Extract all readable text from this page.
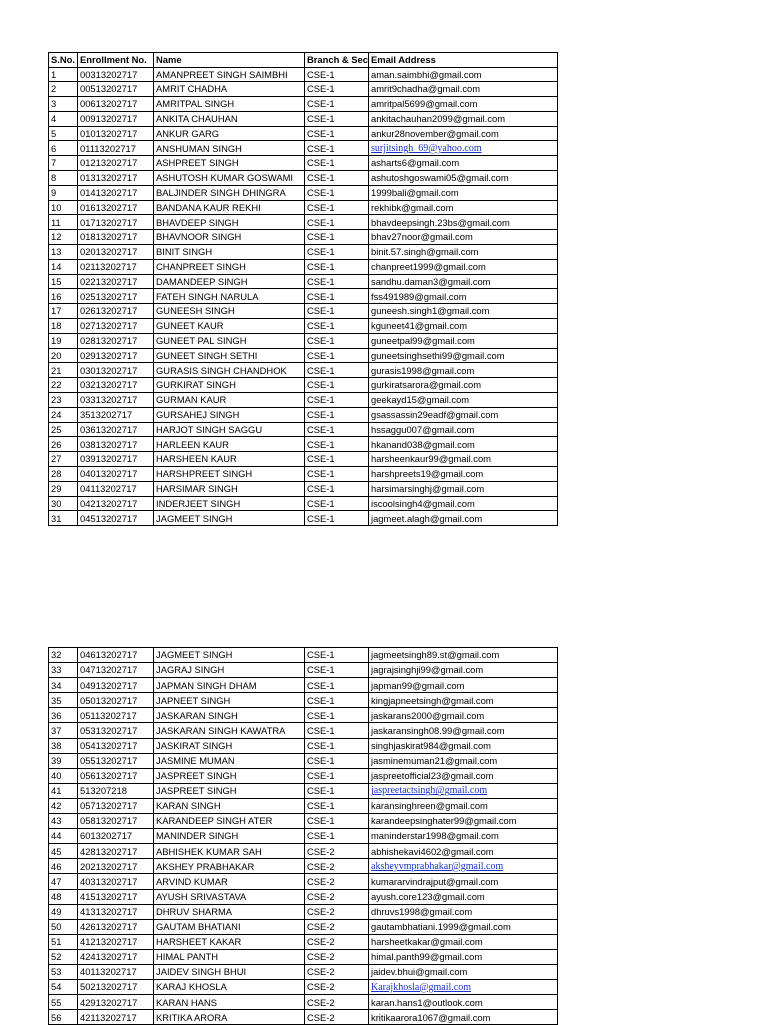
S.No.	Enrollment No.	Name	Branch & Sec	Email Address
1	00313202717	AMANPREET SINGH SAIMBHI	CSE-1	aman.saimbhi@gmail.com
2	00513202717	AMRIT CHADHA	CSE-1	amrit9chadha@gmail.com
3	00613202717	AMRITPAL SINGH	CSE-1	amritpal5699@gmail.com
4	00913202717	ANKITA CHAUHAN	CSE-1	ankitachauhan2099@gmail.com
5	01013202717	ANKUR GARG	CSE-1	ankur28november@gmail.com
6	01113202717	ANSHUMAN SINGH	CSE-1	surjitsingh_69@yahoo.com
7	01213202717	ASHPREET SINGH	CSE-1	asharts6@gmail.com
8	01313202717	ASHUTOSH KUMAR GOSWAMI	CSE-1	ashutoshgoswami05@gmail.com
9	01413202717	BALJINDER SINGH DHINGRA	CSE-1	1999bali@gmail.com
10	01613202717	BANDANA KAUR REKHI	CSE-1	rekhibk@gmail.com
11	01713202717	BHAVDEEP SINGH	CSE-1	bhavdeepsingh.23bs@gmail.com
12	01813202717	BHAVNOOR SINGH	CSE-1	bhav27noor@gmail.com
13	02013202717	BINIT SINGH	CSE-1	binit.57.singh@gmail.com
14	02113202717	CHANPREET SINGH	CSE-1	chanpreet1999@gmail.com
15	02213202717	DAMANDEEP SINGH	CSE-1	sandhu.daman3@gmail.com
16	02513202717	FATEH SINGH NARULA	CSE-1	fss491989@gmail.com
17	02613202717	GUNEESH SINGH	CSE-1	guneesh.singh1@gmail.com
18	02713202717	GUNEET KAUR	CSE-1	kguneet41@gmail.com
19	02813202717	GUNEET PAL SINGH	CSE-1	guneetpal99@gmail.com
20	02913202717	GUNEET SINGH SETHI	CSE-1	guneetsinghsethi99@gmail.com
21	03013202717	GURASIS SINGH CHANDHOK	CSE-1	gurasis1998@gmail.com
22	03213202717	GURKIRAT SINGH	CSE-1	gurkiratsarora@gmail.com
23	03313202717	GURMAN KAUR	CSE-1	geekayd15@gmail.com
24	3513202717	GURSAHEJ SINGH	CSE-1	gsassassin29eadf@gmail.com
25	03613202717	HARJOT SINGH SAGGU	CSE-1	hssaggu007@gmail.com
26	03813202717	HARLEEN KAUR	CSE-1	hkanand038@gmail.com
27	03913202717	HARSHEEN KAUR	CSE-1	harsheenkaur99@gmail.com
28	04013202717	HARSHPREET SINGH	CSE-1	harshpreets19@gmail.com
29	04113202717	HARSIMAR SINGH	CSE-1	harsimarsinghj@gmail.com
30	04213202717	INDERJEET SINGH	CSE-1	iscoolsingh4@gmail.com
31	04513202717	JAGMEET SINGH	CSE-1	jagmeet.alagh@gmail.com
32	04613202717	JAGMEET SINGH	CSE-1	jagmeetsingh89.st@gmail.com
33	04713202717	JAGRAJ SINGH	CSE-1	jagrajsinghji99@gmail.com
34	04913202717	JAPMAN SINGH DHAM	CSE-1	japman99@gmail.com
35	05013202717	JAPNEET SINGH	CSE-1	kingjapneetsingh@gmail.com
36	05113202717	JASKARAN SINGH	CSE-1	jaskarans2000@gmail.com
37	05313202717	JASKARAN SINGH KAWATRA	CSE-1	jaskaransingh08.99@gmail.com
38	05413202717	JASKIRAT SINGH	CSE-1	singhjaskirat984@gmail.com
39	05513202717	JASMINE MUMAN	CSE-1	jasminemuman21@gmail.com
40	05613202717	JASPREET SINGH	CSE-1	jaspreetofficial23@gmail.com
41	513207218	JASPREET SINGH	CSE-1	jaspreetactsingh@gmail.com
42	05713202717	KARAN SINGH	CSE-1	karansinghreen@gmail.com
43	05813202717	KARANDEEP SINGH ATER	CSE-1	karandeepsinghater99@gmail.com
44	6013202717	MANINDER SINGH	CSE-1	maninderstar1998@gmail.com
45	42813202717	ABHISHEK KUMAR SAH	CSE-2	abhishekavi4602@gmail.com
46	20213202717	AKSHEY PRABHAKAR	CSE-2	aksheyvmprabhakar@gmail.com
47	40313202717	ARVIND KUMAR	CSE-2	kumararvindrajput@gmail.com
48	41513202717	AYUSH SRIVASTAVA	CSE-2	ayush.core123@gmail.com
49	41313202717	DHRUV SHARMA	CSE-2	dhruvs1998@gmail.com
50	42613202717	GAUTAM BHATIANI	CSE-2	gautambhatiani.1999@gmail.com
51	41213202717	HARSHEET KAKAR	CSE-2	harsheetkakar@gmail.com
52	42413202717	HIMAL PANTH	CSE-2	himal.panth99@gmail.com
53	40113202717	JAIDEV SINGH BHUI	CSE-2	jaidev.bhui@gmail.com
54	50213202717	KARAJ KHOSLA	CSE-2	Karajkhosla@gmail.com
55	42913202717	KARAN HANS	CSE-2	karan.hans1@outlook.com
56	42113202717	KRITIKA ARORA	CSE-2	kritikaarora1067@gmail.com
